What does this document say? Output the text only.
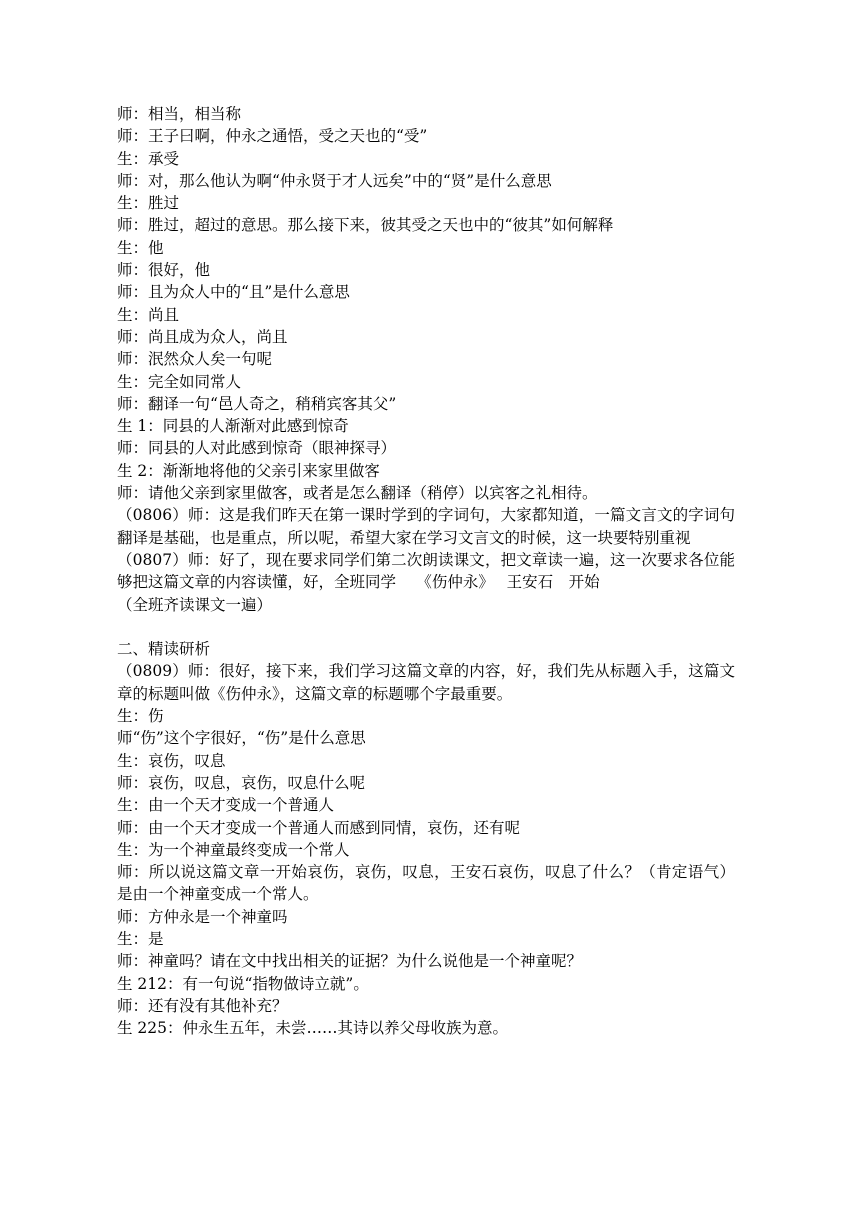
师：相当，相当称
师：王子曰啊，仲永之通悟，受之天也的“受”
生：承受
师：对，那么他认为啊“仲永贤于才人远矣”中的“贤”是什么意思
生：胜过
师：胜过，超过的意思。那么接下来，彼其受之天也中的“彼其”如何解释
生：他
师：很好，他
师：且为众人中的“且”是什么意思
生：尚且
师：尚且成为众人，尚且
师：泯然众人矣一句呢
生：完全如同常人
师：翻译一句“邑人奇之，稍稍宾客其父”
生 1：同县的人渐渐对此感到惊奇
师：同县的人对此感到惊奇（眼神探寻）
生 2：渐渐地将他的父亲引来家里做客
师：请他父亲到家里做客，或者是怎么翻译（稍停）以宾客之礼相待。
（0806）师：这是我们昨天在第一课时学到的字词句，大家都知道，一篇文言文的字词句翻译是基础，也是重点，所以呢，希望大家在学习文言文的时候，这一块要特别重视
（0807）师：好了，现在要求同学们第二次朗读课文，把文章读一遍，这一次要求各位能够把这篇文章的内容读懂，好，全班同学　 《伤仲永》　 王安石　开始
（全班齐读课文一遍）
二、精读研析
（0809）师：很好，接下来，我们学习这篇文章的内容，好，我们先从标题入手，这篇文章的标题叫做《伤仲永》，这篇文章的标题哪个字最重要。
生：伤
师“伤”这个字很好，“伤”是什么意思
生：哀伤，叹息
师：哀伤，叹息，哀伤，叹息什么呢
生：由一个天才变成一个普通人
师：由一个天才变成一个普通人而感到同情，哀伤，还有呢
生：为一个神童最终变成一个常人
师：所以说这篇文章一开始哀伤，哀伤，叹息，王安石哀伤，叹息了什么？（肯定语气）是由一个神童变成一个常人。
师：方仲永是一个神童吗
生：是
师：神童吗？请在文中找出相关的证据？为什么说他是一个神童呢？
生 212：有一句说“指物做诗立就”。
师：还有没有其他补充？
生 225：仲永生五年，未尝……其诗以养父母收族为意。
